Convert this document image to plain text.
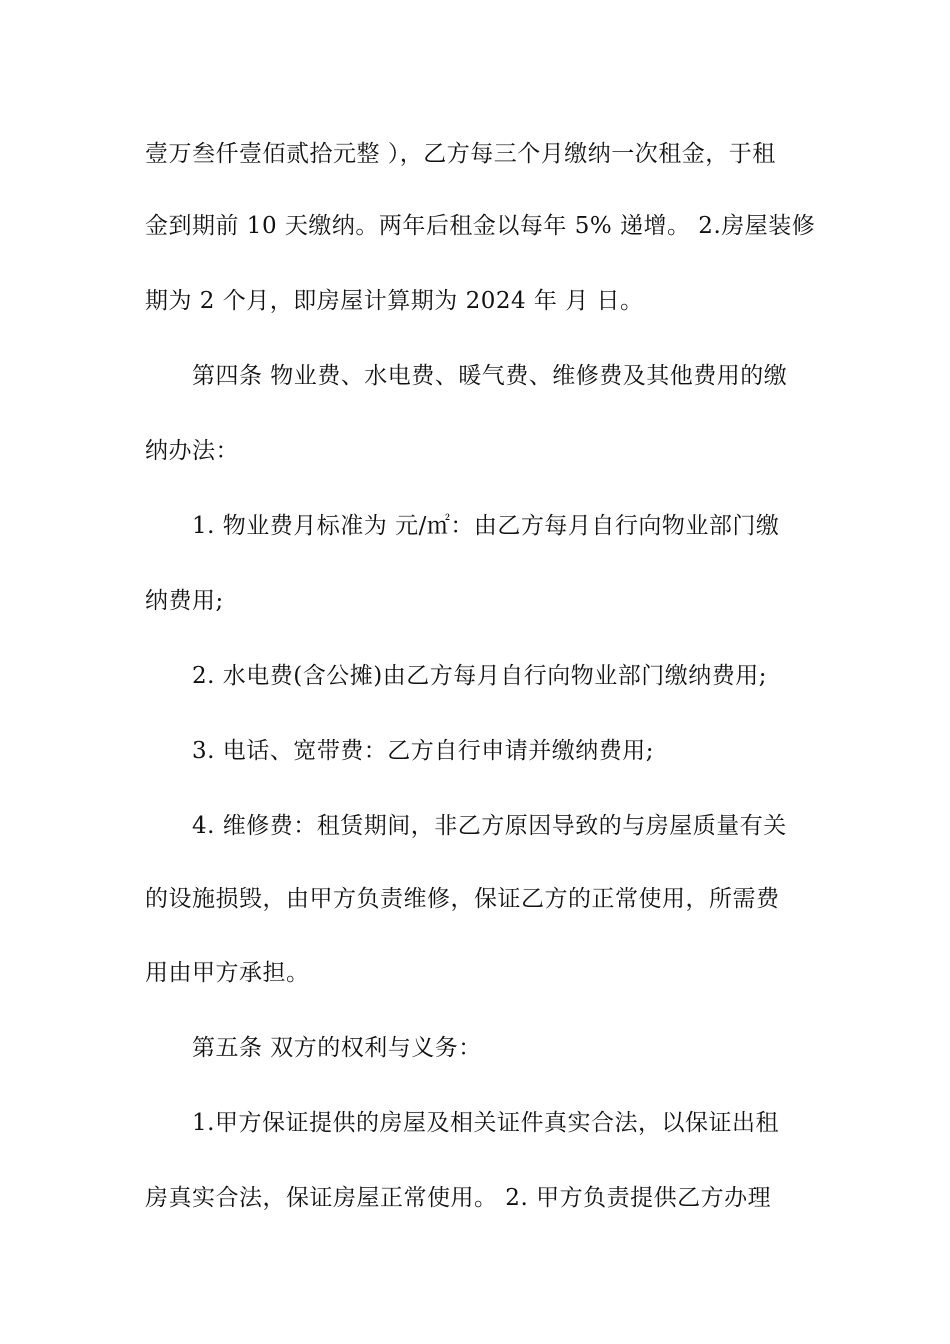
壹万叁仟壹佰贰拾元整 ），乙方每三个月缴纳一次租金，于租
金到期前 10 天缴纳。两年后租金以每年 5% 递增。 2.房屋装修
期为 2 个月，即房屋计算期为 2024 年 月 日。
第四条 物业费、水电费、暖气费、维修费及其他费用的缴
纳办法：
1. 物业费月标准为 元/㎡：由乙方每月自行向物业部门缴
纳费用;
2. 水电费(含公摊)由乙方每月自行向物业部门缴纳费用;
3. 电话、宽带费：乙方自行申请并缴纳费用;
4. 维修费：租赁期间，非乙方原因导致的与房屋质量有关
的设施损毁，由甲方负责维修，保证乙方的正常使用，所需费
用由甲方承担。
第五条 双方的权利与义务：
1.甲方保证提供的房屋及相关证件真实合法，以保证出租
房真实合法，保证房屋正常使用。 2. 甲方负责提供乙方办理
